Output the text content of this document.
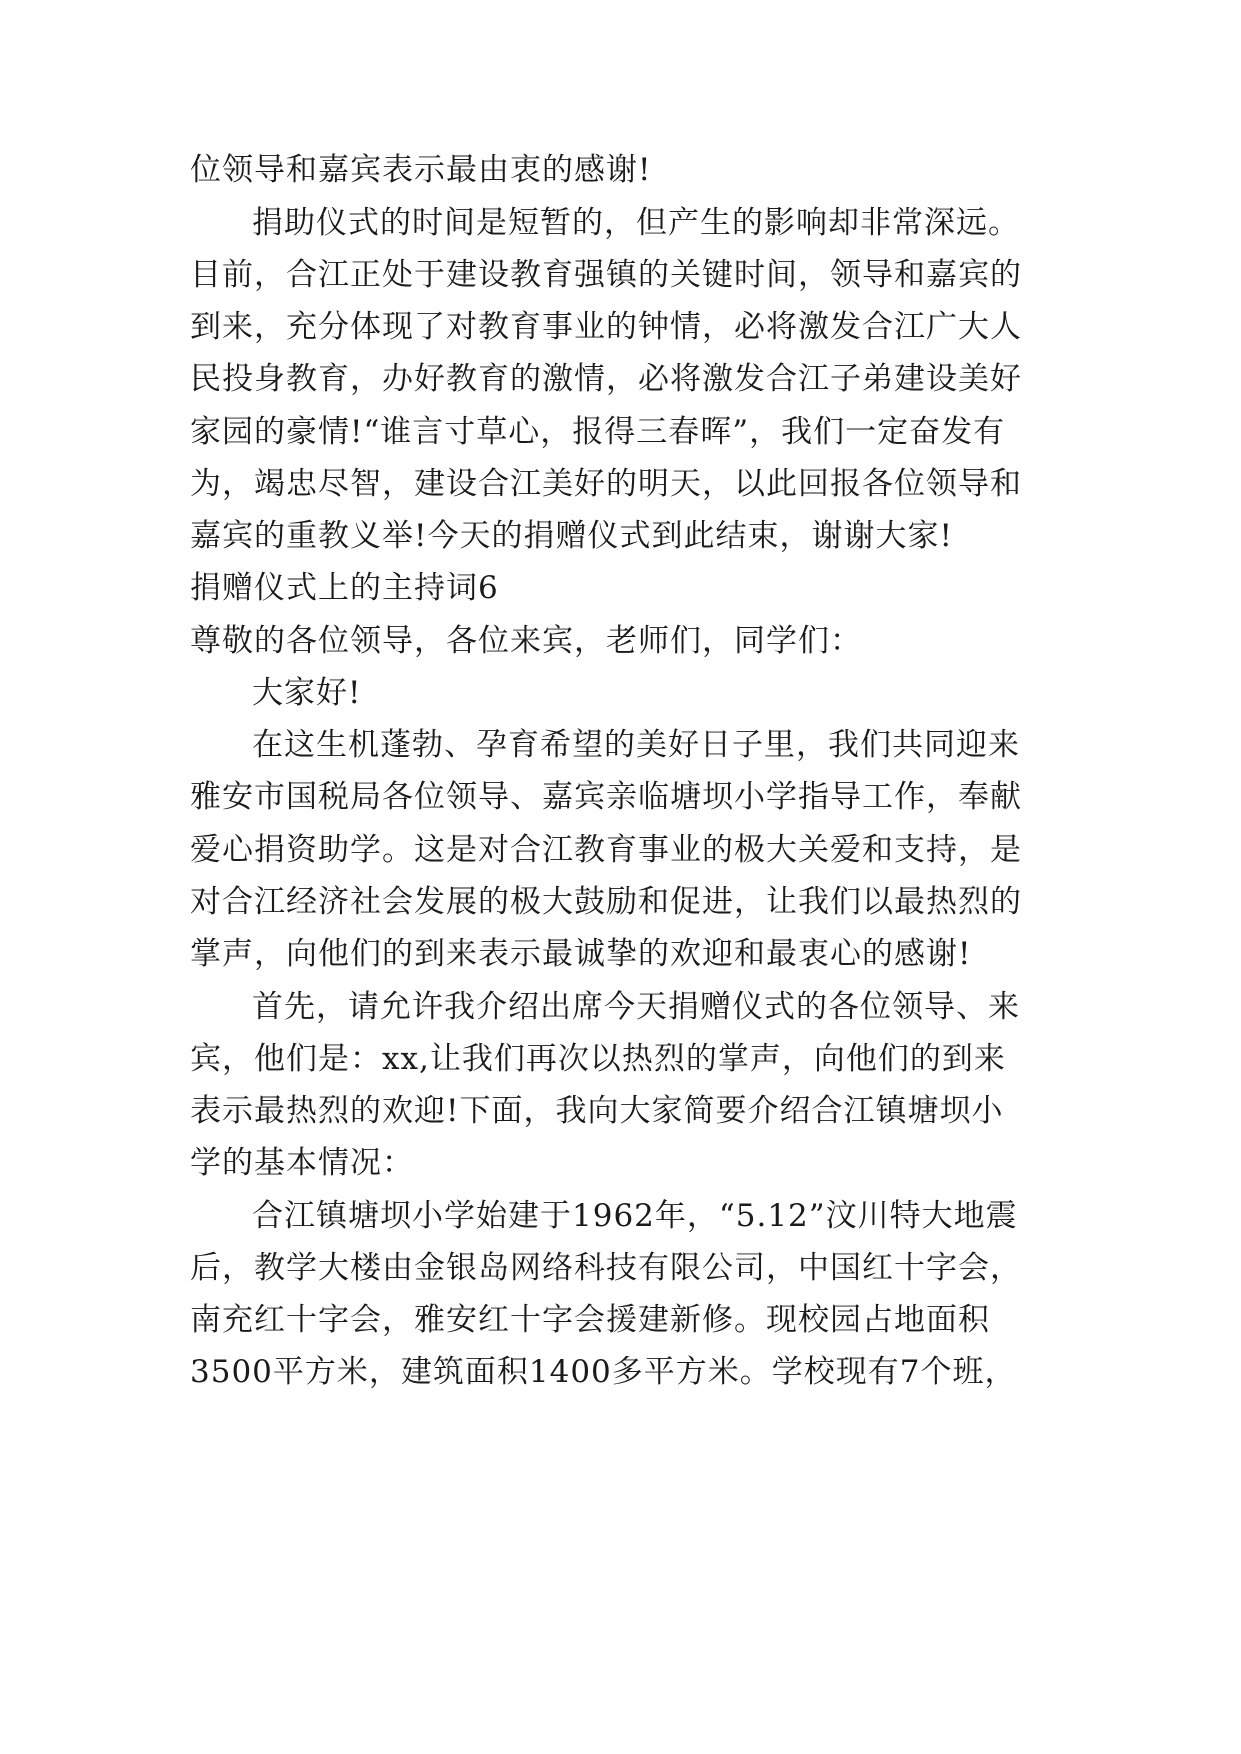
位领导和嘉宾表示最由衷的感谢!
捐助仪式的时间是短暂的，但产生的影响却非常深远。
目前，合江正处于建设教育强镇的关键时间，领导和嘉宾的
到来，充分体现了对教育事业的钟情，必将激发合江广大人
民投身教育，办好教育的激情，必将激发合江子弟建设美好
家园的豪情!“谁言寸草心，报得三春晖”，我们一定奋发有
为，竭忠尽智，建设合江美好的明天，以此回报各位领导和
嘉宾的重教义举!今天的捐赠仪式到此结束，谢谢大家!
捐赠仪式上的主持词6
尊敬的各位领导，各位来宾，老师们，同学们：
大家好!
在这生机蓬勃、孕育希望的美好日子里，我们共同迎来
雅安市国税局各位领导、嘉宾亲临塘坝小学指导工作，奉献
爱心捐资助学。这是对合江教育事业的极大关爱和支持，是
对合江经济社会发展的极大鼓励和促进，让我们以最热烈的
掌声，向他们的到来表示最诚挚的欢迎和最衷心的感谢!
首先，请允许我介绍出席今天捐赠仪式的各位领导、来
宾，他们是：xx,让我们再次以热烈的掌声，向他们的到来
表示最热烈的欢迎!下面，我向大家简要介绍合江镇塘坝小
学的基本情况：
合江镇塘坝小学始建于1962年，“5.12”汶川特大地震
后，教学大楼由金银岛网络科技有限公司，中国红十字会，
南充红十字会，雅安红十字会援建新修。现校园占地面积
3500平方米，建筑面积1400多平方米。学校现有7个班，
